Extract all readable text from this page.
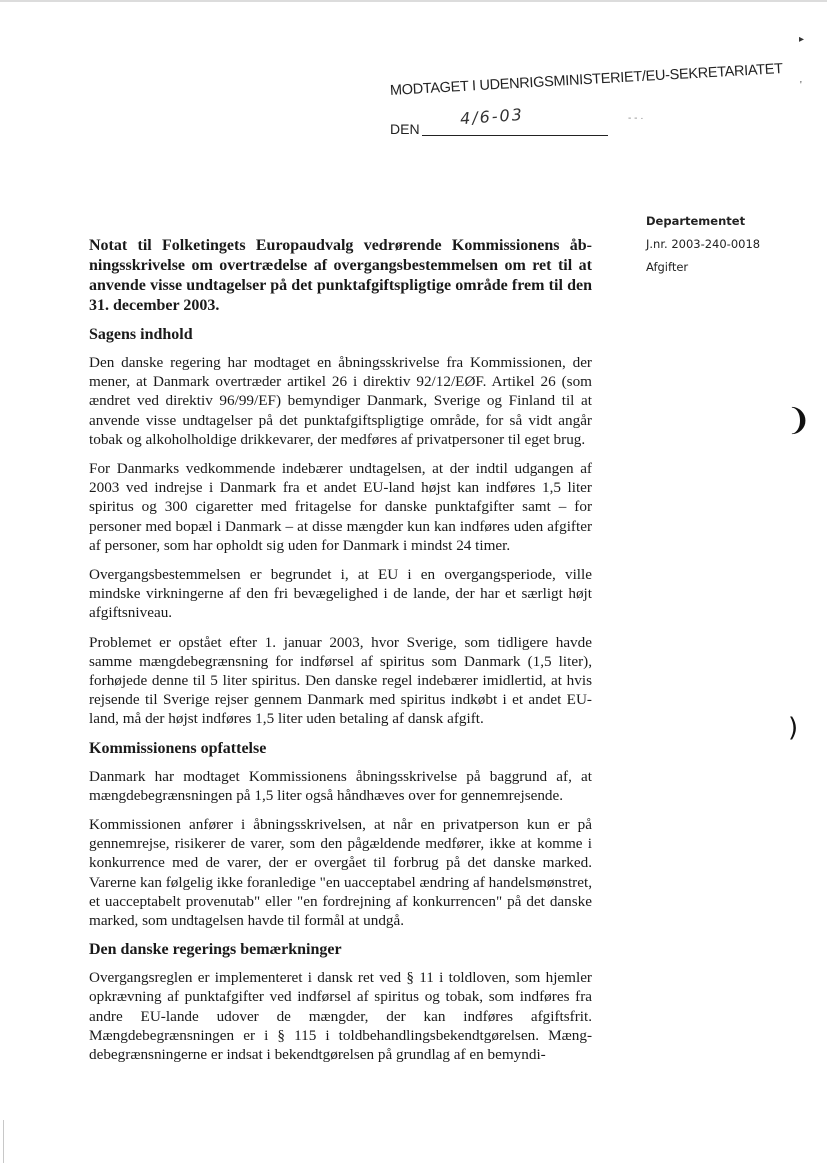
MODTAGET I UDENRIGSMINISTERIET/EU-SEKRETARIATET
DEN
4/6-03	- - ·
▸
'
❩
)
Departementet
J.nr. 2003-240-0018
Afgifter
Notat til Folketingets Europaudvalg vedrørende Kommissionens åbningsskrivelse om overtrædelse af overgangsbestemmelsen om ret til at anvende visse undtagelser på det punktafgiftspligtige område frem til den 31. december 2003.
Sagens indhold

Den danske regering har modtaget en åbningsskrivelse fra Kommissionen, der mener, at Danmark overtræder artikel 26 i direktiv 92/12/EØF. Artikel 26 (som ændret ved direktiv 96/99/EF) bemyndiger Danmark, Sverige og Finland til at anvende visse undtagelser på det punktafgiftspligtige område, for så vidt angår tobak og alkoholholdige drikkevarer, der medføres af privatpersoner til eget brug.

For Danmarks vedkommende indebærer undtagelsen, at der indtil udgangen af 2003 ved indrejse i Danmark fra et andet EU-land højst kan indføres 1,5 liter spiritus og 300 cigaretter med fritagelse for danske punktafgifter samt – for personer med bopæl i Danmark – at disse mængder kun kan indføres uden afgifter af personer, som har opholdt sig uden for Danmark i mindst 24 timer.

Overgangsbestemmelsen er begrundet i, at EU i en overgangsperiode, ville mindske virkningerne af den fri bevægelighed i de lande, der har et særligt højt afgiftsniveau.

Problemet er opstået efter 1. januar 2003, hvor Sverige, som tidligere havde samme mængdebegrænsning for indførsel af spiritus som Danmark (1,5 liter), forhøjede denne til 5 liter spiritus. Den danske regel indebærer imidlertid, at hvis rejsende til Sverige rejser gennem Danmark med spiritus indkøbt i et andet EU-land, må der højst indføres 1,5 liter uden betaling af dansk afgift.

Kommissionens opfattelse

Danmark har modtaget Kommissionens åbningsskrivelse på baggrund af, at mængdebegrænsningen på 1,5 liter også håndhæves over for gennemrejsende.

Kommissionen anfører i åbningsskrivelsen, at når en privatperson kun er på gennemrejse, risikerer de varer, som den pågældende medfører, ikke at komme i konkurrence med de varer, der er overgået til forbrug på det danske marked. Varerne kan følgelig ikke foranledige "en uacceptabel ændring af handelsmønstret, et uacceptabelt provenutab" eller "en fordrejning af konkurrencen" på det danske marked, som undtagelsen havde til formål at undgå.

Den danske regerings bemærkninger

Overgangsreglen er implementeret i dansk ret ved § 11 i toldloven, som hjemler opkrævning af punktafgifter ved indførsel af spiritus og tobak, som indføres fra andre EU-lande udover de mængder, der kan indføres afgiftsfrit. Mængdebegrænsningen er i § 115 i toldbehandlingsbekendtgørelsen. Mængdebegrænsningerne er indsat i bekendtgørelsen på grundlag af en bemyndi-
